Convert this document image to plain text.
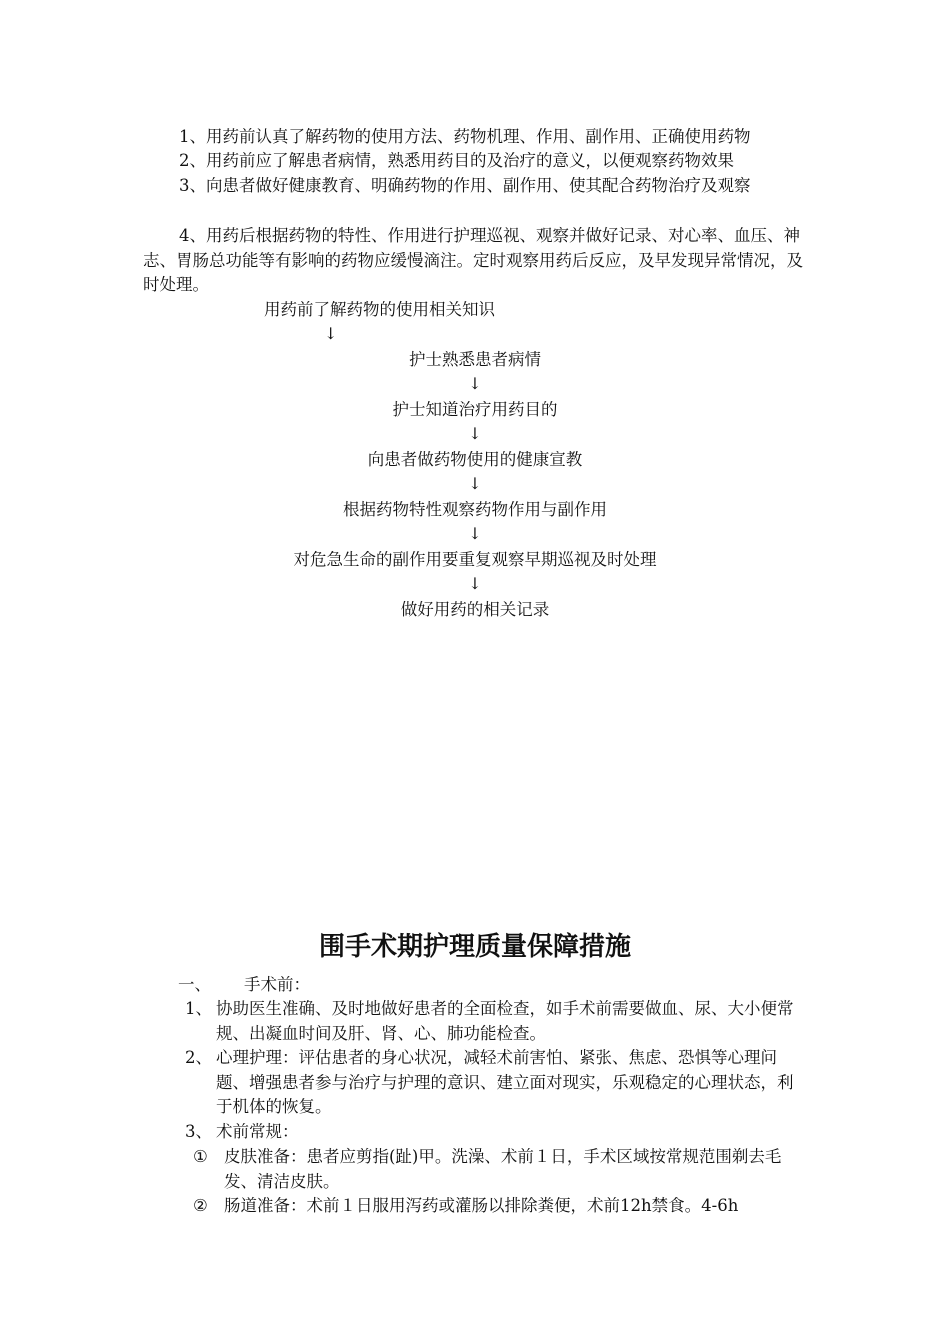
1、用药前认真了解药物的使用方法、药物机理、作用、副作用、正确使用药物
2、用药前应了解患者病情，熟悉用药目的及治疗的意义，以便观察药物效果
3、向患者做好健康教育、明确药物的作用、副作用、使其配合药物治疗及观察
4、用药后根据药物的特性、作用进行护理巡视、观察并做好记录、对心率、血压、神志、胃肠总功能等有影响的药物应缓慢滴注。定时观察用药后反应，及早发现异常情况，及时处理。
用药前了解药物的使用相关知识
↓
护士熟悉患者病情
↓
护士知道治疗用药目的
↓
向患者做药物使用的健康宣教
↓
根据药物特性观察药物作用与副作用
↓
对危急生命的副作用要重复观察早期巡视及时处理
↓
做好用药的相关记录
围手术期护理质量保障措施
一、 手术前：
1、 协助医生准确、及时地做好患者的全面检查，如手术前需要做血、尿、大小便常规、出凝血时间及肝、肾、心、肺功能检查。
2、 心理护理：评估患者的身心状况，减轻术前害怕、紧张、焦虑、恐惧等心理问题、增强患者参与治疗与护理的意识、建立面对现实，乐观稳定的心理状态，利于机体的恢复。
3、 术前常规：
① 皮肤准备：患者应剪指(趾)甲。洗澡、术前１日，手术区域按常规范围剃去毛发、清洁皮肤。
② 肠道准备：术前１日服用泻药或灌肠以排除粪便，术前12h禁食。4-6h
